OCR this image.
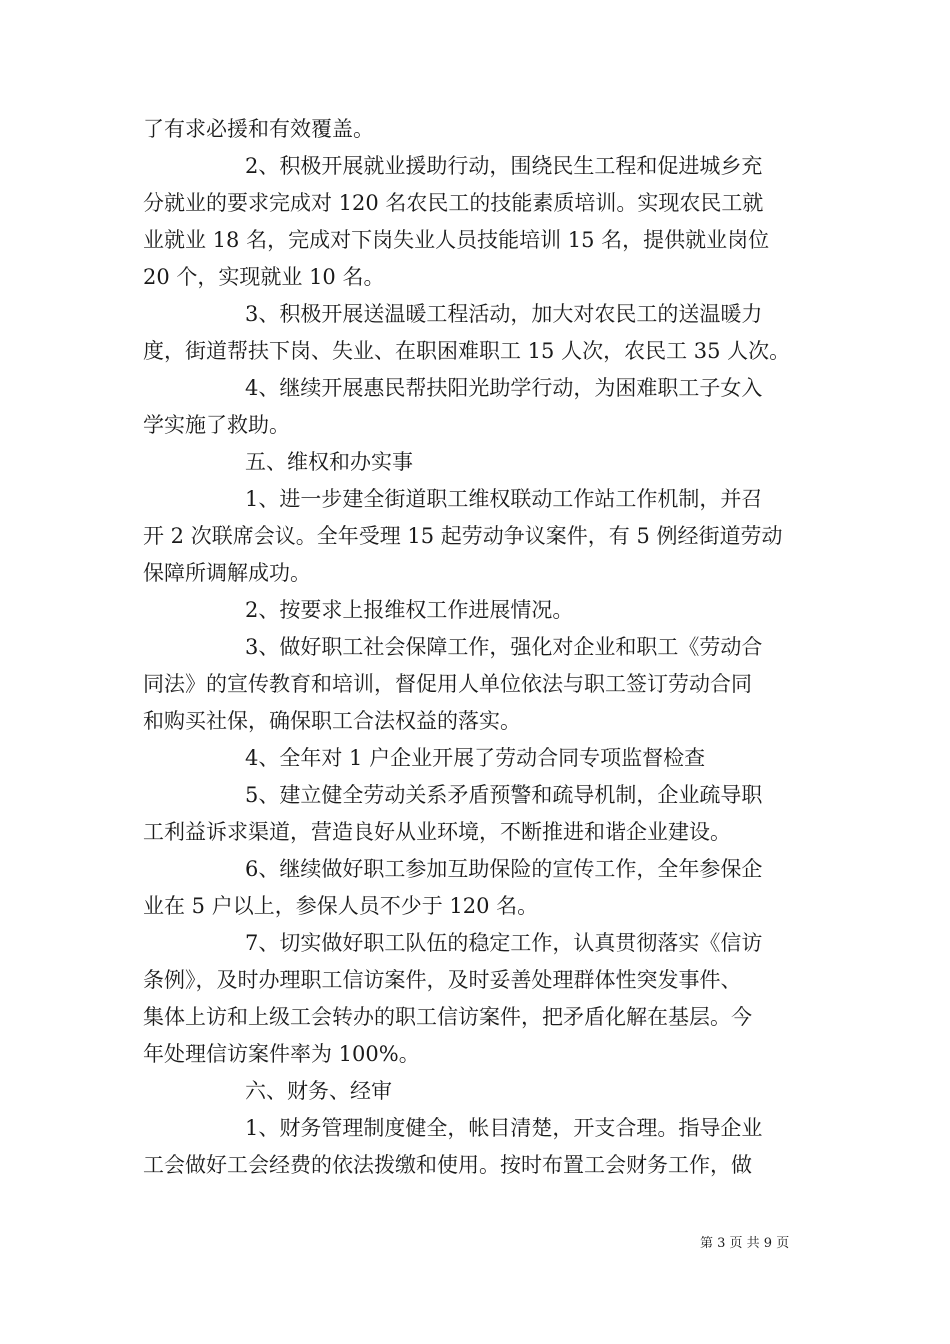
了有求必援和有效覆盖。
2、积极开展就业援助行动，围绕民生工程和促进城乡充
分就业的要求完成对 120 名农民工的技能素质培训。实现农民工就
业就业 18 名，完成对下岗失业人员技能培训 15 名，提供就业岗位
20 个，实现就业 10 名。
3、积极开展送温暖工程活动，加大对农民工的送温暖力
度，街道帮扶下岗、失业、在职困难职工 15 人次，农民工 35 人次。
4、继续开展惠民帮扶阳光助学行动，为困难职工子女入
学实施了救助。
五、维权和办实事
1、进一步建全街道职工维权联动工作站工作机制，并召
开 2 次联席会议。全年受理 15 起劳动争议案件，有 5 例经街道劳动
保障所调解成功。
2、按要求上报维权工作进展情况。
3、做好职工社会保障工作，强化对企业和职工《劳动合
同法》的宣传教育和培训，督促用人单位依法与职工签订劳动合同
和购买社保，确保职工合法权益的落实。
4、全年对 1 户企业开展了劳动合同专项监督检查
5、建立健全劳动关系矛盾预警和疏导机制，企业疏导职
工利益诉求渠道，营造良好从业环境，不断推进和谐企业建设。
6、继续做好职工参加互助保险的宣传工作，全年参保企
业在 5 户以上，参保人员不少于 120 名。
7、切实做好职工队伍的稳定工作，认真贯彻落实《信访
条例》，及时办理职工信访案件，及时妥善处理群体性突发事件、
集体上访和上级工会转办的职工信访案件，把矛盾化解在基层。今
年处理信访案件率为 100%。
六、财务、经审
1、财务管理制度健全，帐目清楚，开支合理。指导企业
工会做好工会经费的依法拨缴和使用。按时布置工会财务工作，做
第 3 页 共 9 页
